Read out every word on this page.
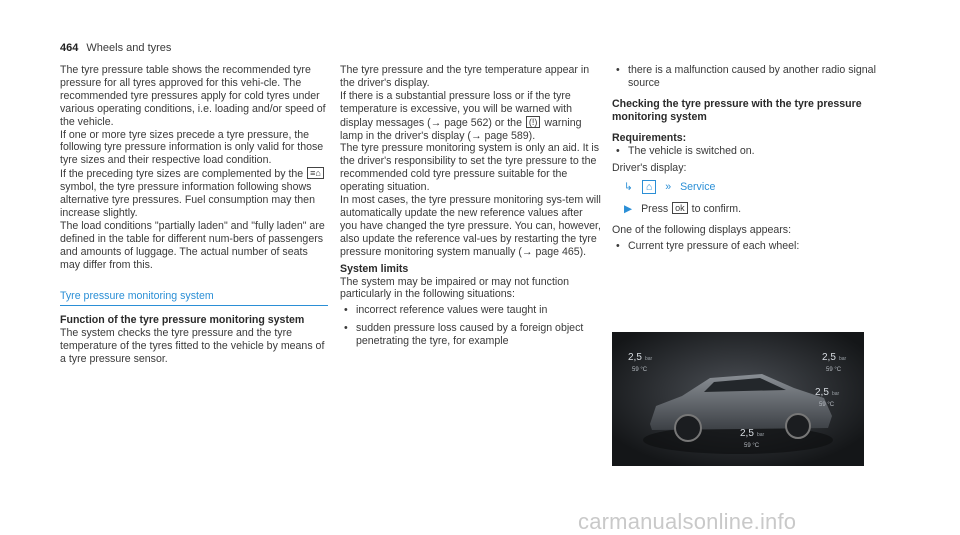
464 Wheels and tyres

The tyre pressure table shows the recommended tyre pressure for all tyres approved for this vehi-cle. The recommended tyre pressures apply for cold tyres under various operating conditions, i.e. loading and/or speed of the vehicle.

If one or more tyre sizes precede a tyre pressure, the following tyre pressure information is only valid for those tyre sizes and their respective load condition.

If the preceding tyre sizes are complemented by the ≡⌂ symbol, the tyre pressure information following shows alternative tyre pressures. Fuel consumption may then increase slightly.

The load conditions "partially laden" and "fully laden" are defined in the table for different num-bers of passengers and amounts of luggage. The actual number of seats may differ from this.

Tyre pressure monitoring system

Function of the tyre pressure monitoring system

The system checks the tyre pressure and the tyre temperature of the tyres fitted to the vehicle by means of a tyre pressure sensor.

The tyre pressure and the tyre temperature appear in the driver's display.

If there is a substantial pressure loss or if the tyre temperature is excessive, you will be warned with display messages (→ page 562) or the (!) warning lamp in the driver's display (→ page 589).

The tyre pressure monitoring system is only an aid. It is the driver's responsibility to set the tyre pressure to the recommended cold tyre pressure suitable for the operating situation.

In most cases, the tyre pressure monitoring sys-tem will automatically update the new reference values after you have changed the tyre pressure. You can, however, also update the reference val-ues by restarting the tyre pressure monitoring system manually (→ page 465).

System limits

The system may be impaired or may not function particularly in the following situations:

• incorrect reference values were taught in
• sudden pressure loss caused by a foreign object penetrating the tyre, for example
• there is a malfunction caused by another radio signal source

Checking the tyre pressure with the tyre pressure monitoring system

Requirements:

• The vehicle is switched on.

Driver's display:

↳ ⌂ » Service

▶ Press ok to confirm.

One of the following displays appears:

• Current tyre pressure of each wheel:
2,5 bar
59 °C
2,5 bar
59 °C
2,5 bar
59 °C
2,5 bar
59 °C
carmanualsonline.info
